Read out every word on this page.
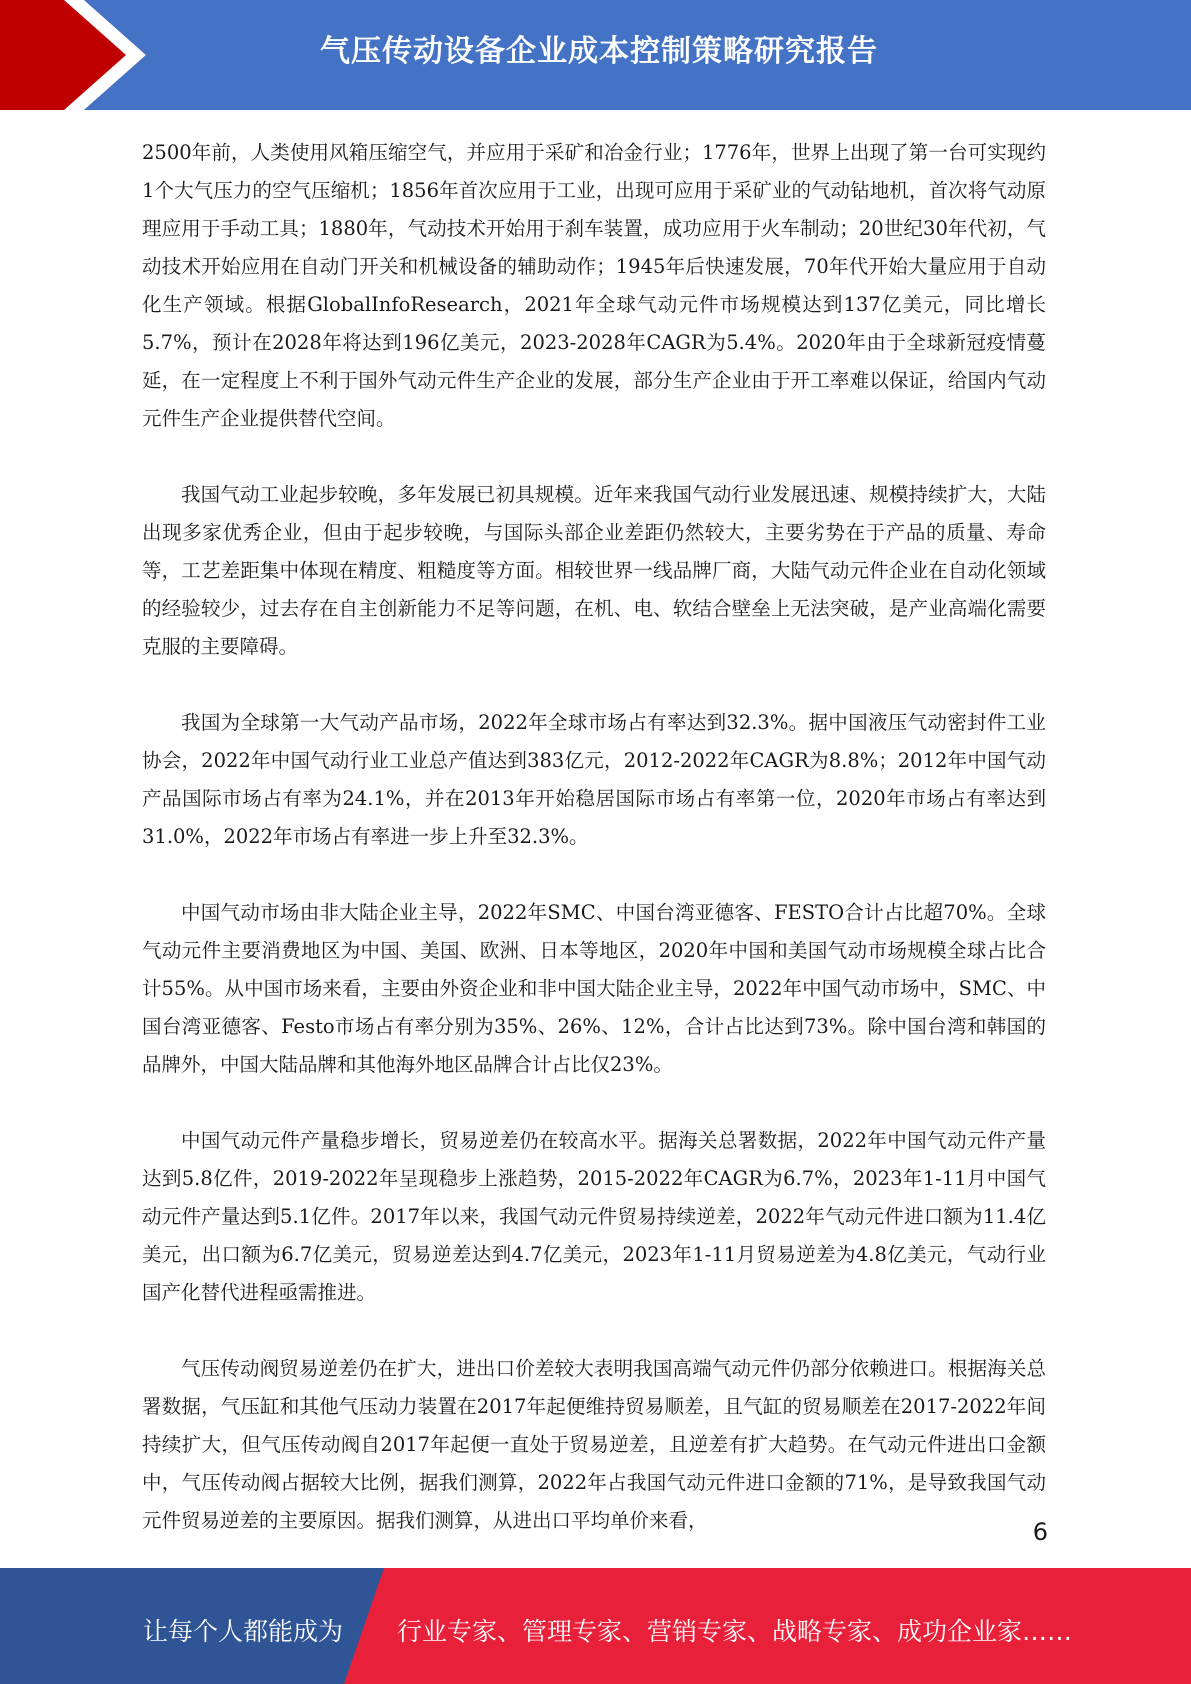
气压传动设备企业成本控制策略研究报告

2500年前，人类使用风箱压缩空气，并应用于采矿和冶金行业；1776年，世界上出现了第一台可实现约1个大气压力的空气压缩机；1856年首次应用于工业，出现可应用于采矿业的气动钻地机，首次将气动原理应用于手动工具；1880年，气动技术开始用于刹车装置，成功应用于火车制动；20世纪30年代初，气动技术开始应用在自动门开关和机械设备的辅助动作；1945年后快速发展，70年代开始大量应用于自动化生产领域。根据GlobalInfoResearch，2021年全球气动元件市场规模达到137亿美元，同比增长5.7%，预计在2028年将达到196亿美元，2023-2028年CAGR为5.4%。2020年由于全球新冠疫情蔓延，在一定程度上不利于国外气动元件生产企业的发展，部分生产企业由于开工率难以保证，给国内气动元件生产企业提供替代空间。

我国气动工业起步较晚，多年发展已初具规模。近年来我国气动行业发展迅速、规模持续扩大，大陆出现多家优秀企业，但由于起步较晚，与国际头部企业差距仍然较大，主要劣势在于产品的质量、寿命等，工艺差距集中体现在精度、粗糙度等方面。相较世界一线品牌厂商，大陆气动元件企业在自动化领域的经验较少，过去存在自主创新能力不足等问题，在机、电、软结合壁垒上无法突破，是产业高端化需要克服的主要障碍。

我国为全球第一大气动产品市场，2022年全球市场占有率达到32.3%。据中国液压气动密封件工业协会，2022年中国气动行业工业总产值达到383亿元，2012-2022年CAGR为8.8%；2012年中国气动产品国际市场占有率为24.1%，并在2013年开始稳居国际市场占有率第一位，2020年市场占有率达到31.0%，2022年市场占有率进一步上升至32.3%。

中国气动市场由非大陆企业主导，2022年SMC、中国台湾亚德客、FESTO合计占比超70%。全球气动元件主要消费地区为中国、美国、欧洲、日本等地区，2020年中国和美国气动市场规模全球占比合计55%。从中国市场来看，主要由外资企业和非中国大陆企业主导，2022年中国气动市场中，SMC、中国台湾亚德客、Festo市场占有率分别为35%、26%、12%，合计占比达到73%。除中国台湾和韩国的品牌外，中国大陆品牌和其他海外地区品牌合计占比仅23%。

中国气动元件产量稳步增长，贸易逆差仍在较高水平。据海关总署数据，2022年中国气动元件产量达到5.8亿件，2019-2022年呈现稳步上涨趋势，2015-2022年CAGR为6.7%，2023年1-11月中国气动元件产量达到5.1亿件。2017年以来，我国气动元件贸易持续逆差，2022年气动元件进口额为11.4亿美元，出口额为6.7亿美元，贸易逆差达到4.7亿美元，2023年1-11月贸易逆差为4.8亿美元，气动行业国产化替代进程亟需推进。

气压传动阀贸易逆差仍在扩大，进出口价差较大表明我国高端气动元件仍部分依赖进口。根据海关总署数据，气压缸和其他气压动力装置在2017年起便维持贸易顺差，且气缸的贸易顺差在2017-2022年间持续扩大，但气压传动阀自2017年起便一直处于贸易逆差，且逆差有扩大趋势。在气动元件进出口金额中，气压传动阀占据较大比例，据我们测算，2022年占我国气动元件进口金额的71%，是导致我国气动元件贸易逆差的主要原因。据我们测算，从进出口平均单价来看，	6
让每个人都能成为 行业专家、管理专家、营销专家、战略专家、成功企业家……
